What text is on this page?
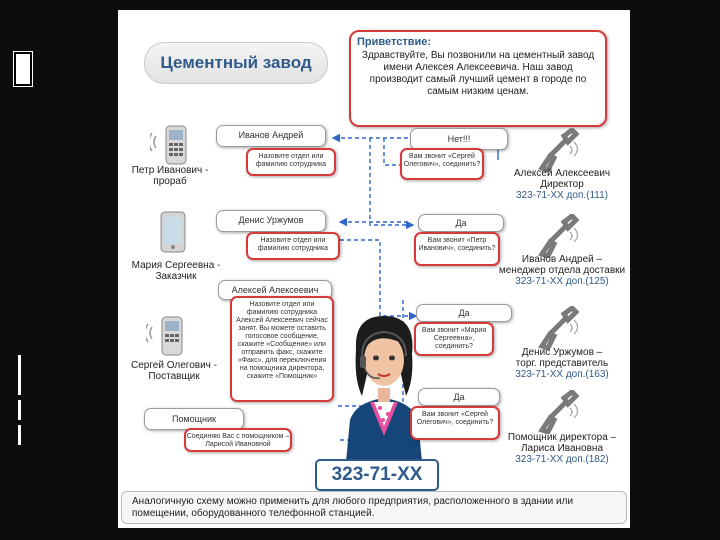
Цементный завод
Приветствие:
Здравствуйте, Вы позвонили на цементный завод имени Алексея Алексеевича. Наш завод производит самый лучший цемент в городе по самым низким ценам.
Петр Иванович -
прораб
Иванов Андрей
Назовите отдел или фамилию сотрудника
Мария Сергеевна -
Заказчик
Денис Уржумов
Назовите отдел или фамилию сотрудника
Сергей Олегович -
Поставщик
Алексей Алексеевич
Назовите отдел или фамилию сотрудника
Алексей Алексеевич сейчас занят. Вы можете оставить голосовое сообщение, скажите «Сообщение» или отправить факс, скажите «Факс», для переключения на помощника директора, скажите «Помощник»
Помощник
Соединяю Вас с помощником – Ларисой Ивановной
323-71-XX
Нет!!!
Вам звонит «Сергей Олегович», соединить?
Да
Вам звонит «Петр Иванович», соединить?
Да
Вам звонит «Мария Сергеевна», соединить?
Да
Вам звонит «Сергей Олегович», соединить?
Алексей Алексеевич
Директор
323-71-XX доп.(111)
Иванов Андрей –
менеджер отдела доставки
323-71-XX доп.(125)
Денис Уржумов –
торг. представитель
323-71-XX доп.(163)
Помощник директора –
Лариса Ивановна
323-71-XX доп.(182)
Аналогичную схему можно применить для любого предприятия, расположенного в здании или помещении, оборудованного телефонной станцией.
